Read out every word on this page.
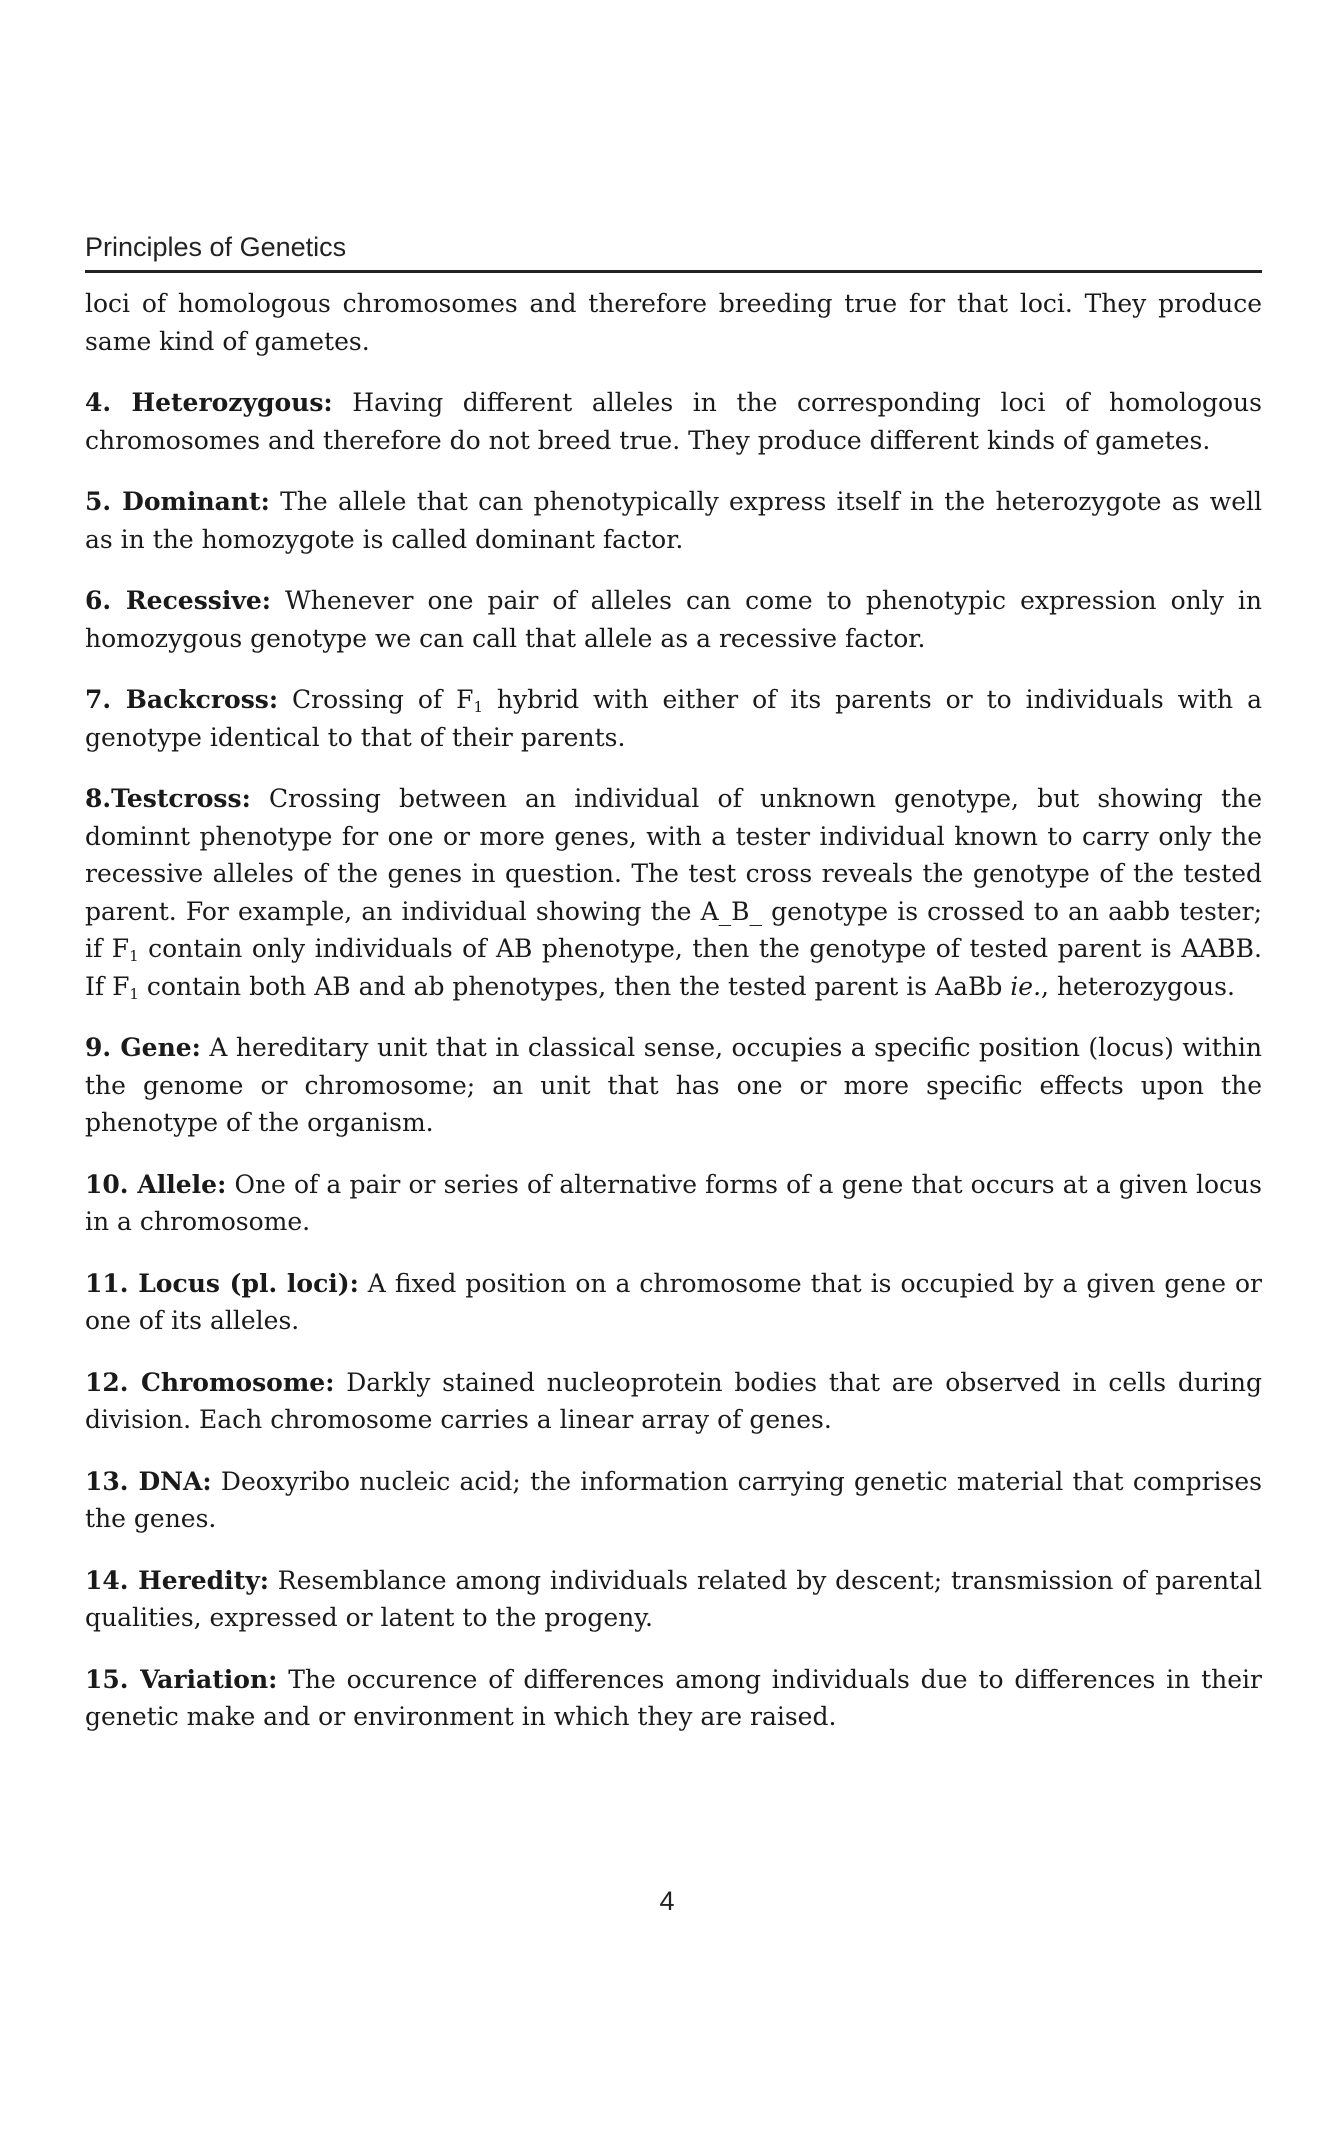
Principles of Genetics

loci of homologous chromosomes and therefore breeding true for that loci. They produce same kind of gametes.

4. Heterozygous: Having different alleles in the corresponding loci of homologous chromosomes and therefore do not breed true. They produce different kinds of gametes.

5. Dominant: The allele that can phenotypically express itself in the heterozygote as well as in the homozygote is called dominant factor.

6. Recessive: Whenever one pair of alleles can come to phenotypic expression only in homozygous genotype we can call that allele as a recessive factor.

7. Backcross: Crossing of $F_1$ hybrid with either of its parents or to individuals with a genotype identical to that of their parents.

8.Testcross: Crossing between an individual of unknown genotype, but showing the dominnt phenotype for one or more genes, with a tester individual known to carry only the recessive alleles of the genes in question. The test cross reveals the genotype of the tested parent. For example, an individual showing the A_B_ genotype is crossed to an aabb tester; if $F_1$ contain only individuals of AB phenotype, then the genotype of tested parent is AABB. If $F_1$ contain both AB and ab phenotypes, then the tested parent is AaBb ie., heterozygous.

9. Gene: A hereditary unit that in classical sense, occupies a specific position (locus) within the genome or chromosome; an unit that has one or more specific effects upon the phenotype of the organism.

10. Allele: One of a pair or series of alternative forms of a gene that occurs at a given locus in a chromosome.

11. Locus (pl. loci): A fixed position on a chromosome that is occupied by a given gene or one of its alleles.

12. Chromosome: Darkly stained nucleoprotein bodies that are observed in cells during division. Each chromosome carries a linear array of genes.

13. DNA: Deoxyribo nucleic acid; the information carrying genetic material that comprises the genes.

14. Heredity: Resemblance among individuals related by descent; transmission of parental qualities, expressed or latent to the progeny.

15. Variation: The occurence of differences among individuals due to differences in their genetic make and or environment in which they are raised.

4
